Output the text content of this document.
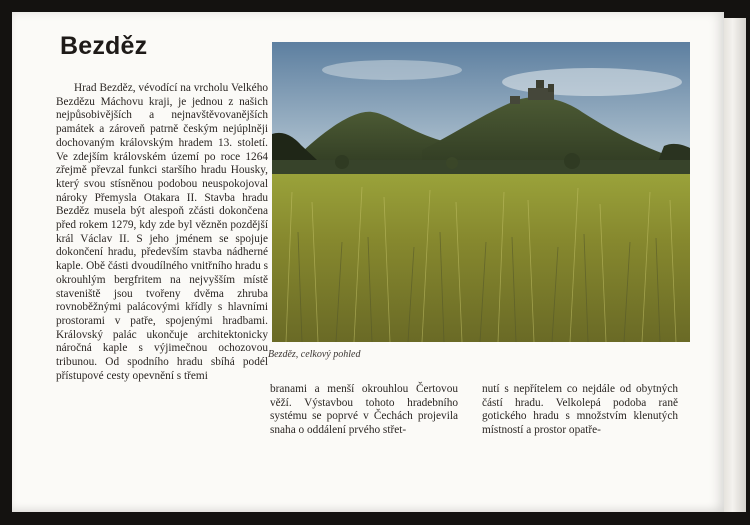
Bezděz
Hrad Bezděz, vévodící na vrcholu Velkého Bezdězu Máchovu kraji, je jednou z našich nejpůsobivějších a nejnavštěvovanějších památek a zároveň patrně českým nejúplněji dochovaným královským hradem 13. století. Ve zdejším královském území po roce 1264 zřejmě převzal funkci staršího hradu Housky, který svou stísněnou podobou neuspokojoval nároky Přemysla Otakara II. Stavba hradu Bezděz musela být alespoň zčásti dokončena před rokem 1279, kdy zde byl vězněn pozdější král Václav II. S jeho jménem se spojuje dokončení hradu, především stavba nádherné kaple. Obě části dvoudílného vnitřního hradu s okrouhlým bergfritem na nejvyšším místě staveniště jsou tvořeny dvěma zhruba rovnoběžnými palácovými křídly s hlavními prostorami v patře, spojenými hradbami. Královský palác ukončuje architektonicky náročná kaple s výjimečnou ochozovou tribunou. Od spodního hradu sbíhá podél přístupové cesty opevnění s třemi
Bezděz, celkový pohled
branami a menší okrouhlou Čertovou věží. Výstavbou tohoto hradebního systému se poprvé v Čechách projevila snaha o oddálení prvého střet-
nutí s nepřítelem co nejdále od obytných částí hradu. Velkolepá podoba raně gotického hradu s množstvím klenutých místností a prostor opatře-
